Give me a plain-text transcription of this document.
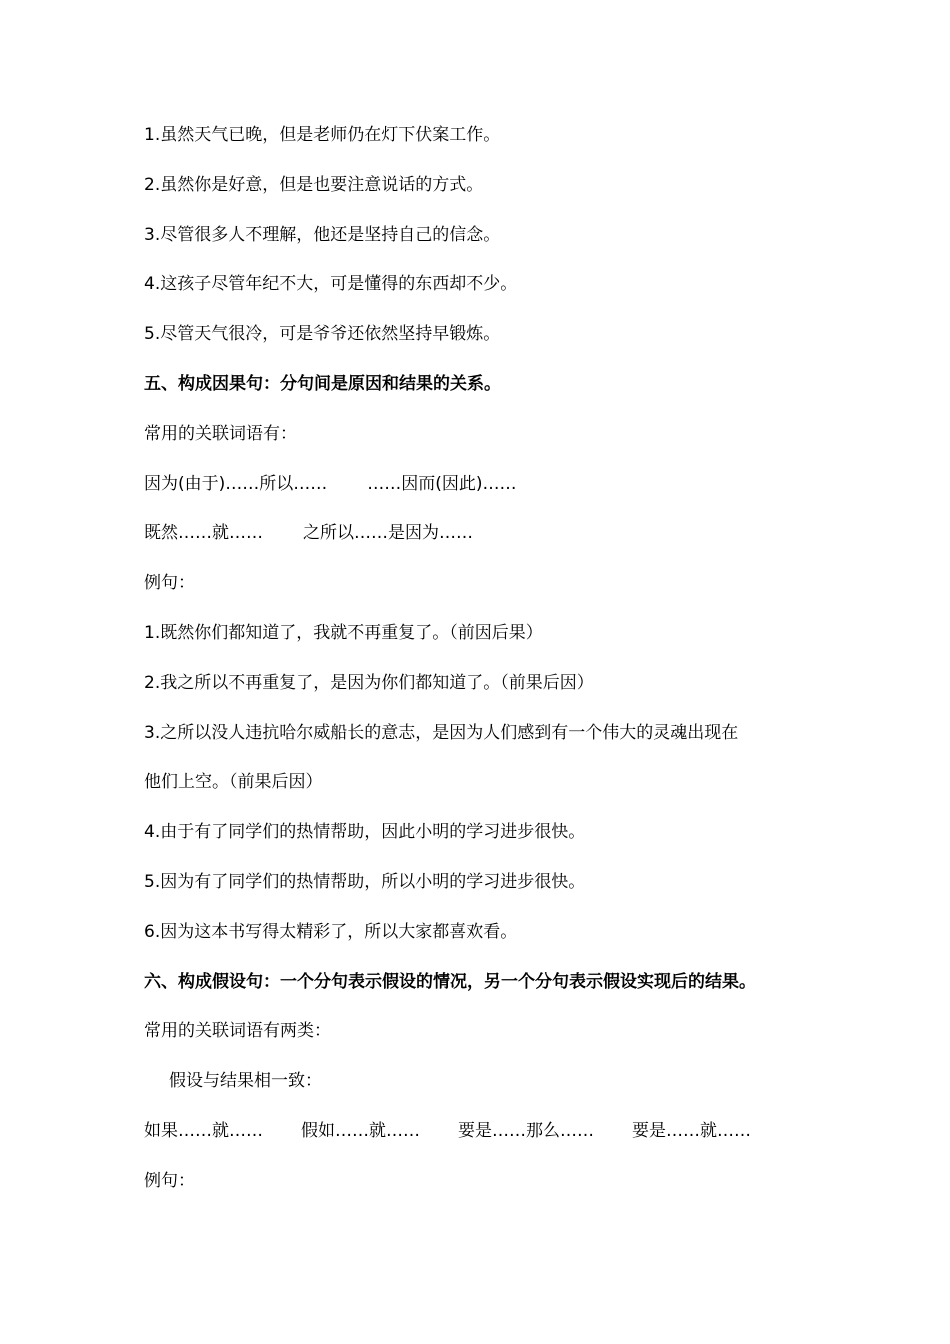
1.虽然天气已晚，但是老师仍在灯下伏案工作。
2.虽然你是好意，但是也要注意说话的方式。
3.尽管很多人不理解，他还是坚持自己的信念。
4.这孩子尽管年纪不大，可是懂得的东西却不少。
5.尽管天气很冷，可是爷爷还依然坚持早锻炼。
五、构成因果句：分句间是原因和结果的关系。
常用的关联词语有：
因为(由于)……所以…… ……因而(因此)……
既然……就…… 之所以……是因为……
例句：
1.既然你们都知道了，我就不再重复了。（前因后果）
2.我之所以不再重复了，是因为你们都知道了。（前果后因）
3.之所以没人违抗哈尔威船长的意志，是因为人们感到有一个伟大的灵魂出现在
他们上空。（前果后因）
4.由于有了同学们的热情帮助，因此小明的学习进步很快。
5.因为有了同学们的热情帮助，所以小明的学习进步很快。
6.因为这本书写得太精彩了，所以大家都喜欢看。
六、构成假设句：一个分句表示假设的情况，另一个分句表示假设实现后的结果。
常用的关联词语有两类：
假设与结果相一致：
如果……就…… 假如……就…… 要是……那么…… 要是……就……
例句：
